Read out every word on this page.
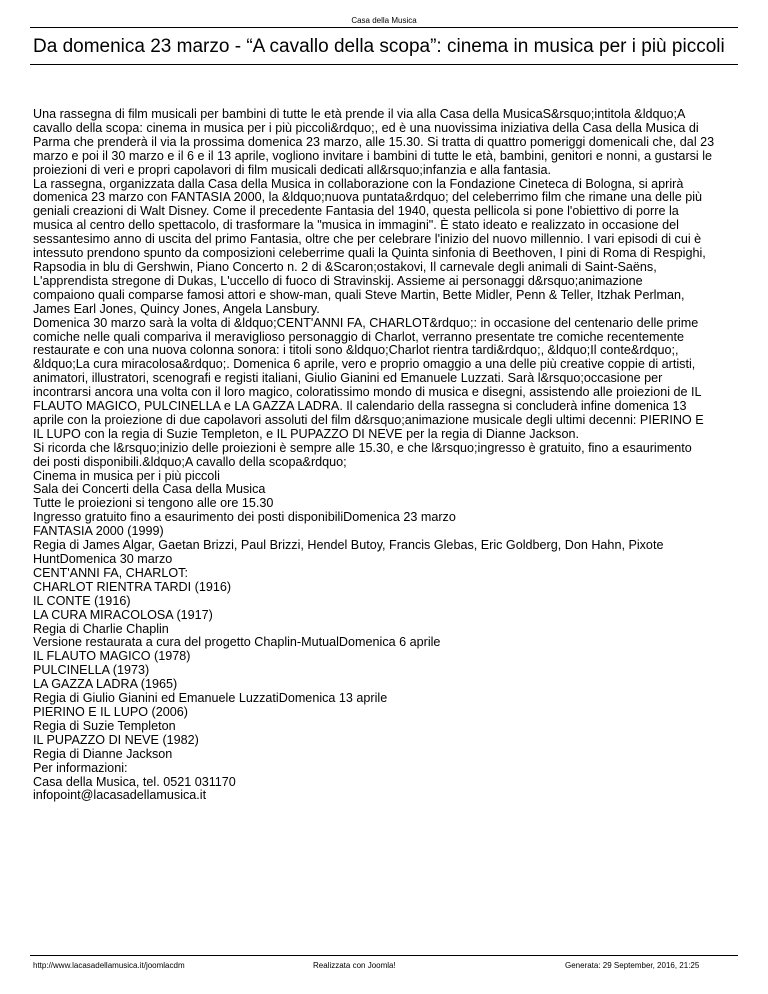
Casa della Musica
Da domenica 23 marzo - “A cavallo della scopa”: cinema in musica per i più piccoli

Una rassegna di film musicali per bambini di tutte le età prende il via alla Casa della MusicaS&rsquo;intitola &ldquo;A

cavallo della scopa: cinema in musica per i più piccoli&rdquo;, ed è una nuovissima iniziativa della Casa della Musica di

Parma che prenderà il via la prossima domenica 23 marzo, alle 15.30. Si tratta di quattro pomeriggi domenicali che, dal 23

marzo e poi il 30 marzo e il 6 e il 13 aprile, vogliono invitare i bambini di tutte le età, bambini, genitori e nonni, a gustarsi le

proiezioni di veri e propri capolavori di film musicali dedicati all&rsquo;infanzia e alla fantasia.

La rassegna, organizzata dalla Casa della Musica in collaborazione con la Fondazione Cineteca di Bologna, si aprirà

domenica 23 marzo con FANTASIA 2000, la &ldquo;nuova puntata&rdquo; del celeberrimo film che rimane una delle più

geniali creazioni di Walt Disney. Come il precedente Fantasia del 1940, questa pellicola si pone l'obiettivo di porre la

musica al centro dello spettacolo, di trasformare la "musica in immagini". È stato ideato e realizzato in occasione del

sessantesimo anno di uscita del primo Fantasia, oltre che per celebrare l'inizio del nuovo millennio. I vari episodi di cui è

intessuto prendono spunto da composizioni celeberrime quali la Quinta sinfonia di Beethoven, I pini di Roma di Respighi,

Rapsodia in blu di Gershwin, Piano Concerto n. 2 di &Scaron;ostakovi, Il carnevale degli animali di Saint-Saëns,

L'apprendista stregone di Dukas, L'uccello di fuoco di Stravinskij. Assieme ai personaggi d&rsquo;animazione

compaiono quali comparse famosi attori e show-man, quali Steve Martin, Bette Midler, Penn & Teller, Itzhak Perlman,

James Earl Jones, Quincy Jones, Angela Lansbury.

Domenica 30 marzo sarà la volta di &ldquo;CENT'ANNI FA, CHARLOT&rdquo;: in occasione del centenario delle prime

comiche nelle quali compariva il meraviglioso personaggio di Charlot, verranno presentate tre comiche recentemente

restaurate e con una nuova colonna sonora: i titoli sono &ldquo;Charlot rientra tardi&rdquo;, &ldquo;Il conte&rdquo;,

&ldquo;La cura miracolosa&rdquo;. Domenica 6 aprile, vero e proprio omaggio a una delle più creative coppie di artisti,

animatori, illustratori, scenografi e registi italiani, Giulio Gianini ed Emanuele Luzzati. Sarà l&rsquo;occasione per

incontrarsi ancora una volta con il loro magico, coloratissimo mondo di musica e disegni, assistendo alle proiezioni de IL

FLAUTO MAGICO, PULCINELLA e LA GAZZA LADRA. Il calendario della rassegna si concluderà infine domenica 13

aprile con la proiezione di due capolavori assoluti del film d&rsquo;animazione musicale degli ultimi decenni: PIERINO E

IL LUPO con la regia di Suzie Templeton, e IL PUPAZZO DI NEVE per la regia di Dianne Jackson.

Si ricorda che l&rsquo;inizio delle proiezioni è sempre alle 15.30, e che l&rsquo;ingresso è gratuito, fino a esaurimento

dei posti disponibili.&ldquo;A cavallo della scopa&rdquo;

Cinema in musica per i più piccoli

Sala dei Concerti della Casa della Musica

Tutte le proiezioni si tengono alle ore 15.30

Ingresso gratuito fino a esaurimento dei posti disponibiliDomenica 23 marzo

FANTASIA 2000 (1999)

Regia di James Algar, Gaetan Brizzi, Paul Brizzi, Hendel Butoy, Francis Glebas, Eric Goldberg, Don Hahn, Pixote

HuntDomenica 30 marzo

CENT'ANNI FA, CHARLOT:

CHARLOT RIENTRA TARDI (1916)

IL CONTE (1916)

LA CURA MIRACOLOSA (1917)

Regia di Charlie Chaplin

Versione restaurata a cura del progetto Chaplin-MutualDomenica 6 aprile

IL FLAUTO MAGICO (1978)

PULCINELLA (1973)

LA GAZZA LADRA (1965)

Regia di Giulio Gianini ed Emanuele LuzzatiDomenica 13 aprile

PIERINO E IL LUPO (2006)

Regia di Suzie Templeton

IL PUPAZZO DI NEVE (1982)

Regia di Dianne Jackson

Per informazioni:

Casa della Musica, tel. 0521 031170

infopoint@lacasadellamusica.it

http://www.lacasadellamusica.it/joomlacdm	Realizzata con Joomla!	Generata: 29 September, 2016, 21:25
